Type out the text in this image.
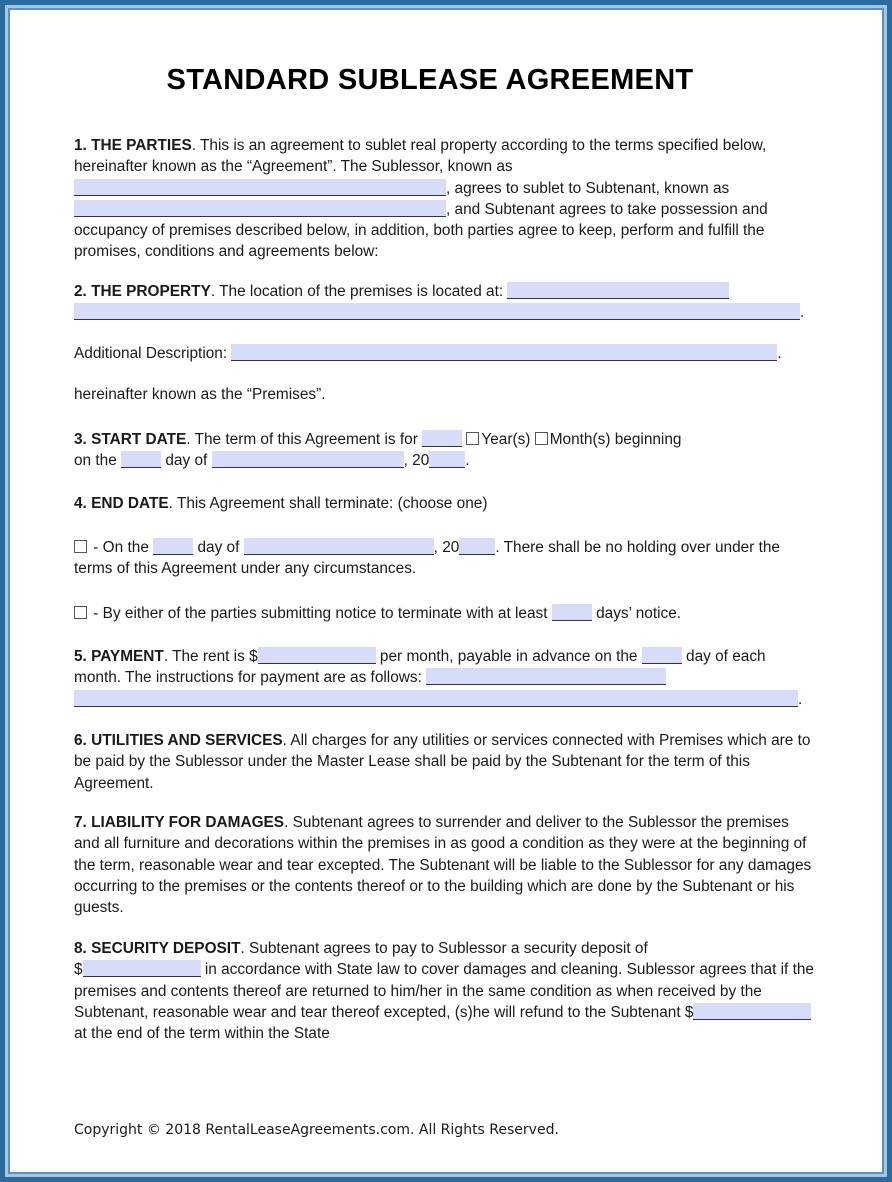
STANDARD SUBLEASE AGREEMENT
1. THE PARTIES. This is an agreement to sublet real property according to the terms specified below, hereinafter known as the “Agreement”. The Sublessor, known as
, agrees to sublet to Subtenant, known as
, and Subtenant agrees to take possession and occupancy of premises described below, in addition, both parties agree to keep, perform and fulfill the promises, conditions and agreements below:
2. THE PROPERTY. The location of the premises is located at:
.
Additional Description:	.
hereinafter known as the “Premises”.
3. START DATE. The term of this Agreement is for	Year(s) Month(s) beginning
on the	day of	, 20 .
4. END DATE. This Agreement shall terminate: (choose one)
- On the	day of	, 20 . There shall be no holding over under the terms of this Agreement under any circumstances.
- By either of the parties submitting notice to terminate with at least	days’ notice.
5. PAYMENT. The rent is $	per month, payable in advance on the	day of each month. The instructions for payment are as follows:
.
6. UTILITIES AND SERVICES. All charges for any utilities or services connected with Premises which are to be paid by the Sublessor under the Master Lease shall be paid by the Subtenant for the term of this Agreement.
7. LIABILITY FOR DAMAGES. Subtenant agrees to surrender and deliver to the Sublessor the premises and all furniture and decorations within the premises in as good a condition as they were at the beginning of the term, reasonable wear and tear excepted. The Subtenant will be liable to the Sublessor for any damages occurring to the premises or the contents thereof or to the building which are done by the Subtenant or his guests.
8. SECURITY DEPOSIT. Subtenant agrees to pay to Sublessor a security deposit of
$	in accordance with State law to cover damages and cleaning. Sublessor agrees that if the premises and contents thereof are returned to him/her in the same condition as when received by the Subtenant, reasonable wear and tear thereof excepted, (s)he will refund to the Subtenant $ at the end of the term within the State
Copyright © 2018 RentalLeaseAgreements.com. All Rights Reserved.
